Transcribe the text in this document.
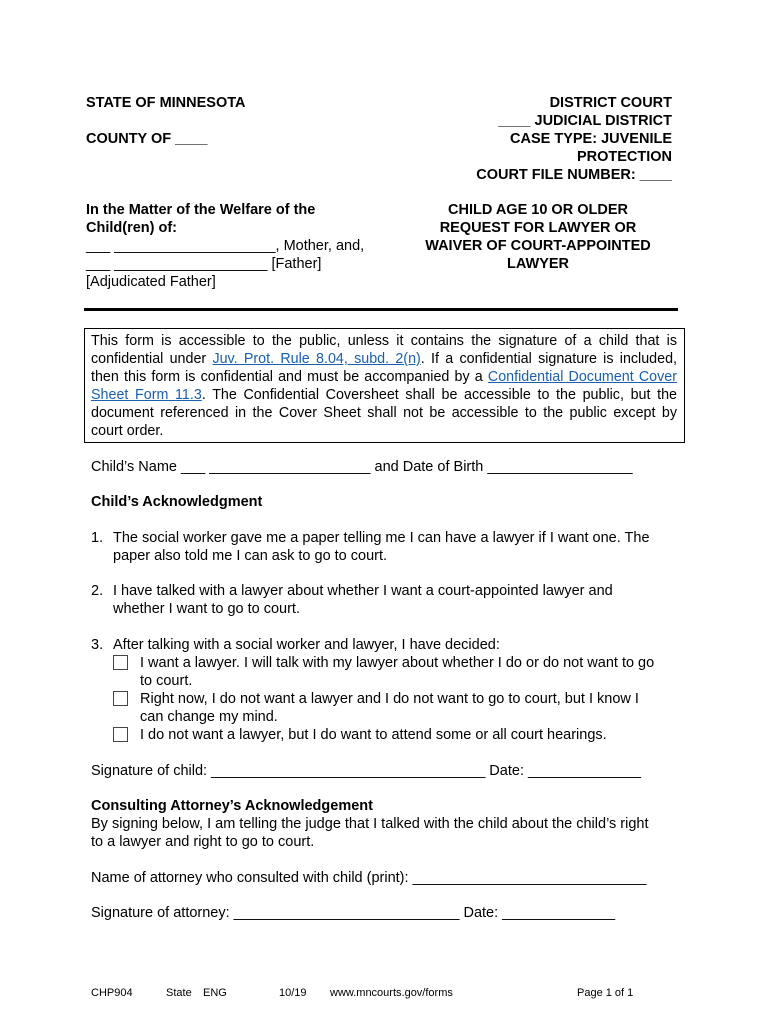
STATE OF MINNESOTA
COUNTY OF ____
DISTRICT COURT
____ JUDICIAL DISTRICT
CASE TYPE: JUVENILE
PROTECTION
COURT FILE NUMBER: ____
In the Matter of the Welfare of the
Child(ren) of:
___ ____________________, Mother, and,
___ ___________________ [Father]
[Adjudicated Father]
CHILD AGE 10 OR OLDER
REQUEST FOR LAWYER OR
WAIVER OF COURT-APPOINTED
LAWYER
This form is accessible to the public, unless it contains the signature of a child that is confidential under Juv. Prot. Rule 8.04, subd. 2(n). If a confidential signature is included, then this form is confidential and must be accompanied by a Confidential Document Cover Sheet Form 11.3. The Confidential Coversheet shall be accessible to the public, but the document referenced in the Cover Sheet shall not be accessible to the public except by court order.
Child’s Name ___ ____________________ and Date of Birth __________________
Child’s Acknowledgment
1. The social worker gave me a paper telling me I can have a lawyer if I want one. The
paper also told me I can ask to go to court.
2. I have talked with a lawyer about whether I want a court-appointed lawyer and
whether I want to go to court.
3. After talking with a social worker and lawyer, I have decided:
I want a lawyer. I will talk with my lawyer about whether I do or do not want to go
to court.
Right now, I do not want a lawyer and I do not want to go to court, but I know I
can change my mind.
I do not want a lawyer, but I do want to attend some or all court hearings.
Signature of child: __________________________________ Date: ______________
Consulting Attorney’s Acknowledgement
By signing below, I am telling the judge that I talked with the child about the child’s right
to a lawyer and right to go to court.
Name of attorney who consulted with child (print): _____________________________
Signature of attorney: ____________________________ Date: ______________
CHP904	State ENG	10/19 www.mncourts.gov/forms	Page 1 of 1
